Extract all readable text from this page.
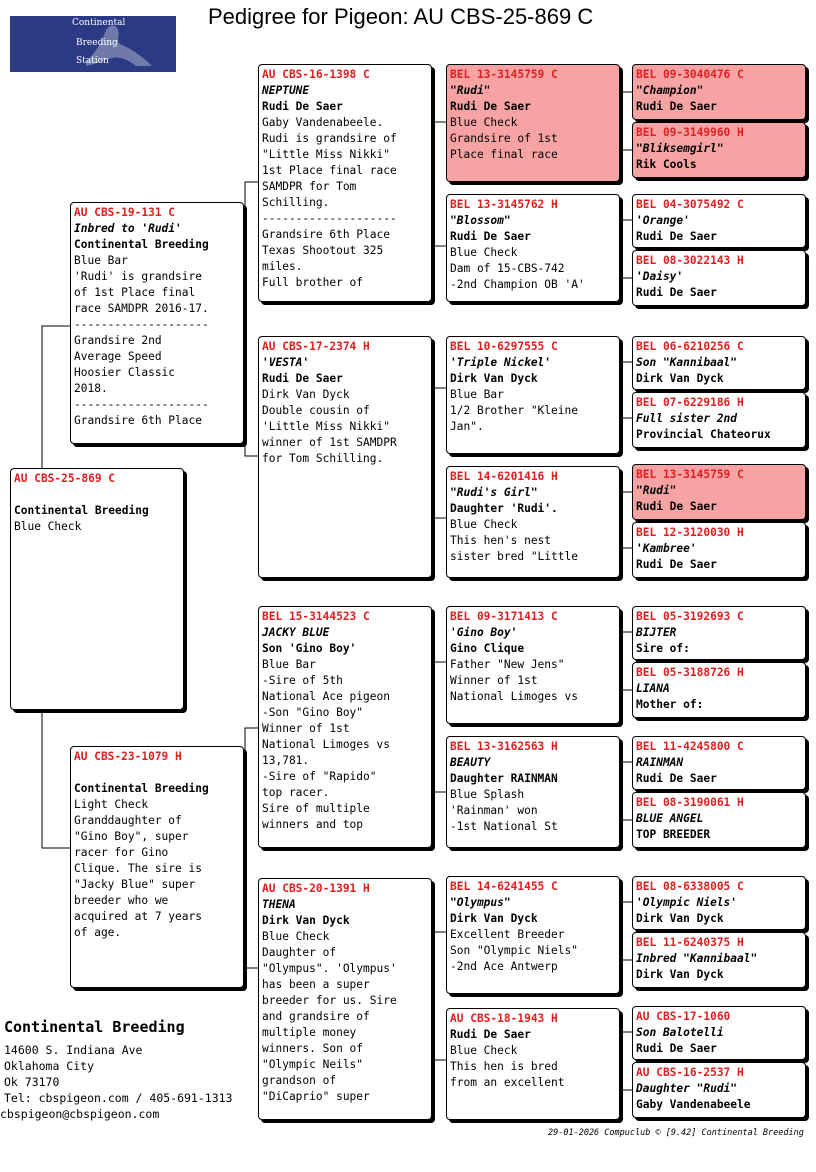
Continental
Breeding
Station
Pedigree for Pigeon: AU CBS-25-869 C
AU CBS-25-869 C
Continental Breeding
Blue Check
AU CBS-19-131 C
Inbred to 'Rudi'
Continental Breeding
Blue Bar
'Rudi' is grandsire
of 1st Place final
race SAMDPR 2016-17.
--------------------
Grandsire 2nd
Average Speed
Hoosier Classic
2018.
--------------------
Grandsire 6th Place
AU CBS-23-1079 H
Continental Breeding
Light Check
Granddaughter of
"Gino Boy", super
racer for Gino
Clique. The sire is
"Jacky Blue" super
breeder who we
acquired at 7 years
of age.
AU CBS-16-1398 C
NEPTUNE
Rudi De Saer
Gaby Vandenabeele.
Rudi is grandsire of
"Little Miss Nikki"
1st Place final race
SAMDPR for Tom
Schilling.
--------------------
Grandsire 6th Place
Texas Shootout 325
miles.
Full brother of
AU CBS-17-2374 H
'VESTA'
Rudi De Saer
Dirk Van Dyck
Double cousin of
'Little Miss Nikki"
winner of 1st SAMDPR
for Tom Schilling.
BEL 15-3144523 C
JACKY BLUE
Son 'Gino Boy'
Blue Bar
-Sire of 5th
National Ace pigeon
-Son "Gino Boy"
Winner of 1st
National Limoges vs
13,781.
-Sire of "Rapido"
top racer.
Sire of multiple
winners and top
AU CBS-20-1391 H
THENA
Dirk Van Dyck
Blue Check
Daughter of
"Olympus". 'Olympus'
has been a super
breeder for us. Sire
and grandsire of
multiple money
winners. Son of
"Olympic Neils"
grandson of
"DiCaprio" super
BEL 13-3145759 C
"Rudi"
Rudi De Saer
Blue Check
Grandsire of 1st
Place final race
BEL 13-3145762 H
"Blossom"
Rudi De Saer
Blue Check
Dam of 15-CBS-742
-2nd Champion OB 'A'
BEL 10-6297555 C
'Triple Nickel'
Dirk Van Dyck
Blue Bar
1/2 Brother "Kleine
Jan".
BEL 14-6201416 H
"Rudi's Girl"
Daughter 'Rudi'.
Blue Check
This hen's nest
sister bred "Little
BEL 09-3171413 C
'Gino Boy'
Gino Clique
Father "New Jens"
Winner of 1st
National Limoges vs
BEL 13-3162563 H
BEAUTY
Daughter RAINMAN
Blue Splash
'Rainman' won
-1st National St
BEL 14-6241455 C
"Olympus"
Dirk Van Dyck
Excellent Breeder
Son "Olympic Niels"
-2nd Ace Antwerp
AU CBS-18-1943 H
Rudi De Saer
Blue Check
This hen is bred
from an excellent
BEL 09-3040476 C
"Champion"
Rudi De Saer
BEL 09-3149960 H
"Bliksemgirl"
Rik Cools
BEL 04-3075492 C
'Orange'
Rudi De Saer
BEL 08-3022143 H
'Daisy'
Rudi De Saer
BEL 06-6210256 C
Son "Kannibaal"
Dirk Van Dyck
BEL 07-6229186 H
Full sister 2nd
Provincial Chateorux
BEL 13-3145759 C
"Rudi"
Rudi De Saer
BEL 12-3120030 H
'Kambree'
Rudi De Saer
BEL 05-3192693 C
BIJTER
Sire of:
BEL 05-3188726 H
LIANA
Mother of:
BEL 11-4245800 C
RAINMAN
Rudi De Saer
BEL 08-3190061 H
BLUE ANGEL
TOP BREEDER
BEL 08-6338005 C
'Olympic Niels'
Dirk Van Dyck
BEL 11-6240375 H
Inbred "Kannibaal"
Dirk Van Dyck
AU CBS-17-1060
Son Balotelli
Rudi De Saer
AU CBS-16-2537 H
Daughter "Rudi"
Gaby Vandenabeele
Continental Breeding
14600 S. Indiana Ave
Oklahoma City
Ok 73170
Tel: cbspigeon.com / 405-691-1313
cbspigeon@cbspigeon.com
29-01-2026 Compuclub © [9.42] Continental Breeding
